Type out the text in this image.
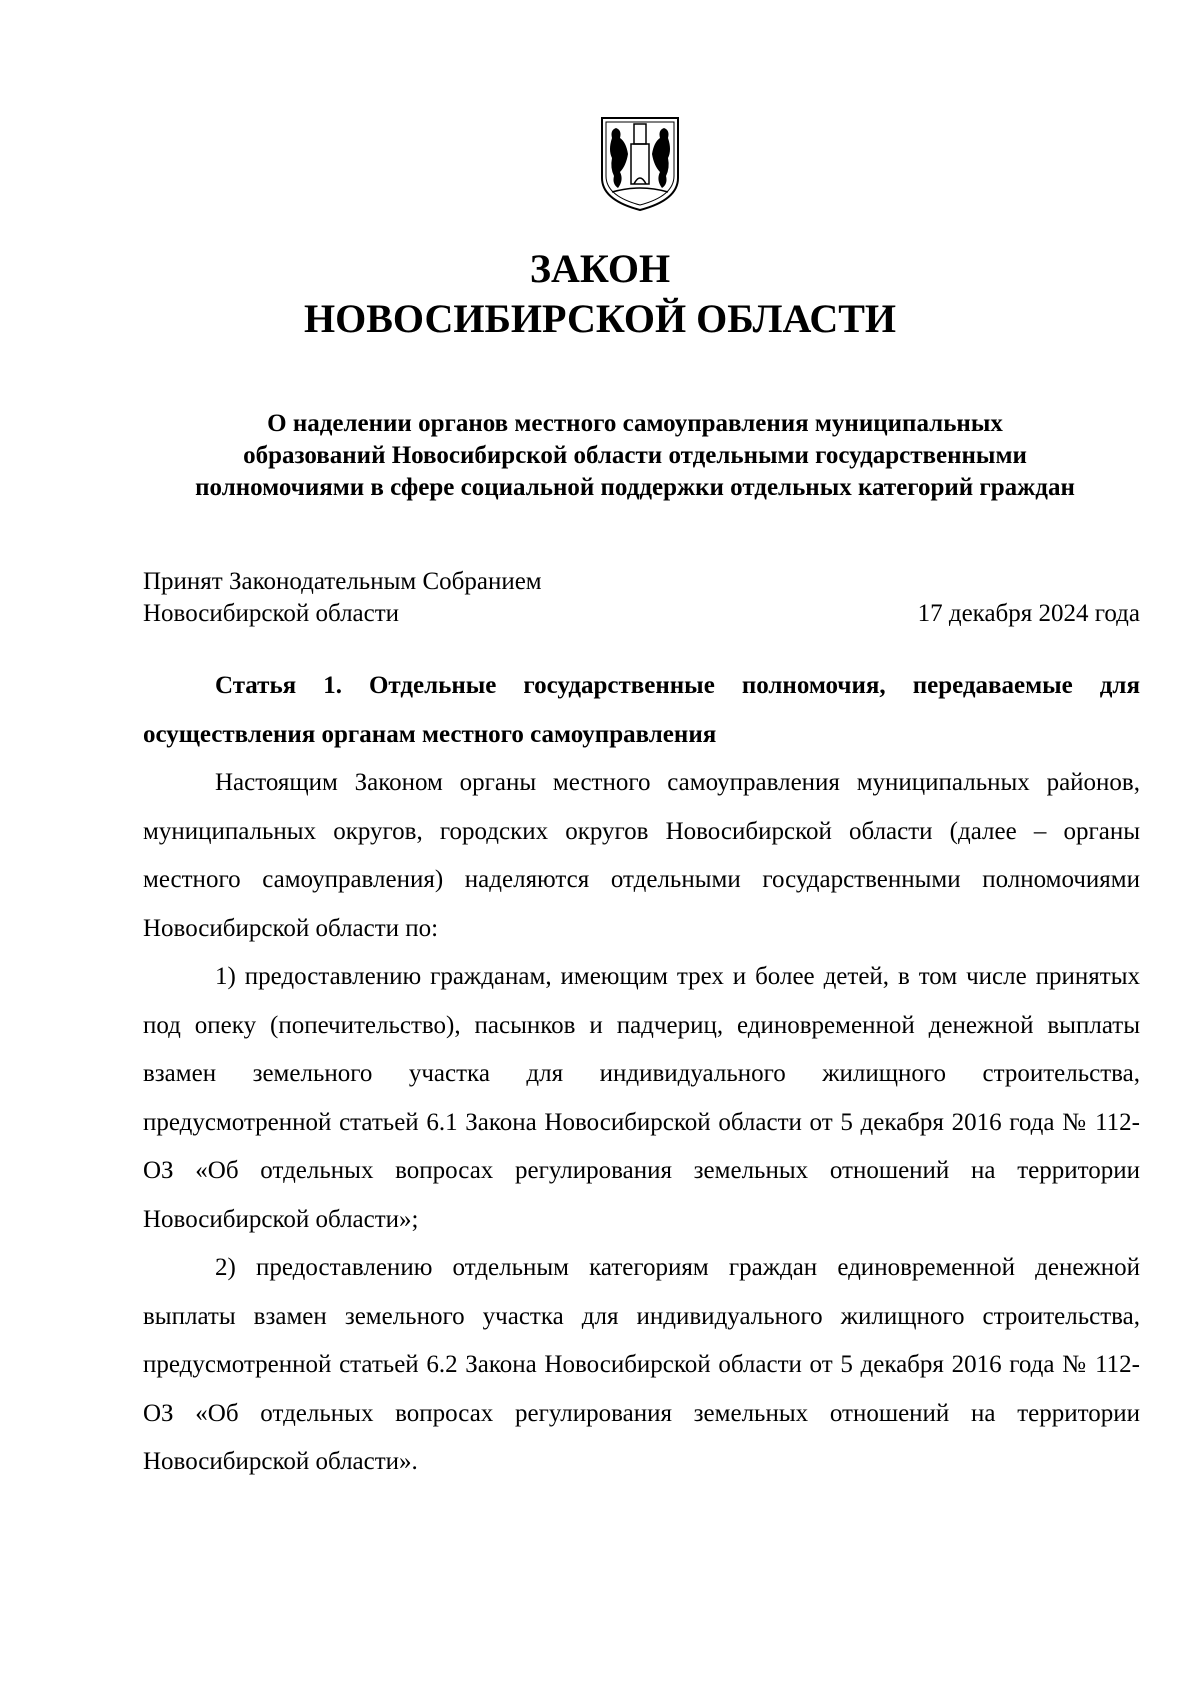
ЗАКОН
НОВОСИБИРСКОЙ ОБЛАСТИ
О наделении органов местного самоуправления муниципальных
образований Новосибирской области отдельными государственными
полномочиями в сфере социальной поддержки отдельных категорий граждан
Принят Законодательным Собранием
Новосибирской области	17 декабря 2024 года

Статья 1. Отдельные государственные полномочия, передаваемые для осуществления органам местного самоуправления

Настоящим Законом органы местного самоуправления муниципальных районов, муниципальных округов, городских округов Новосибирской области (далее – органы местного самоуправления) наделяются отдельными государственными полномочиями Новосибирской области по:

1) предоставлению гражданам, имеющим трех и более детей, в том числе принятых под опеку (попечительство), пасынков и падчериц, единовременной денежной выплаты взамен земельного участка для индивидуального жилищного строительства, предусмотренной статьей 6.1 Закона Новосибирской области от 5 декабря 2016 года № 112-ОЗ «Об отдельных вопросах регулирования земельных отношений на территории Новосибирской области»;

2) предоставлению отдельным категориям граждан единовременной денежной выплаты взамен земельного участка для индивидуального жилищного строительства, предусмотренной статьей 6.2 Закона Новосибирской области от 5 декабря 2016 года № 112-ОЗ «Об отдельных вопросах регулирования земельных отношений на территории Новосибирской области».
